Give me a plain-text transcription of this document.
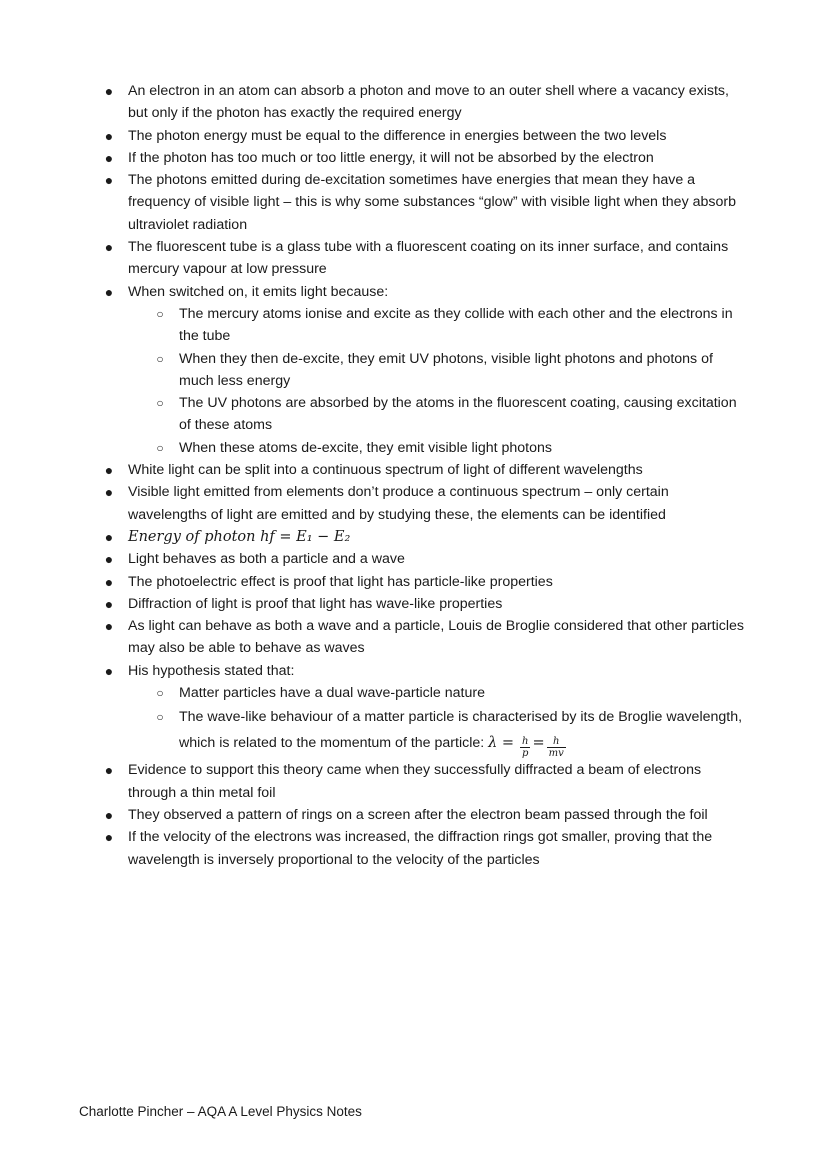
● An electron in an atom can absorb a photon and move to an outer shell where a vacancy exists, but only if the photon has exactly the required energy
● The photon energy must be equal to the difference in energies between the two levels
● If the photon has too much or too little energy, it will not be absorbed by the electron
● The photons emitted during de-excitation sometimes have energies that mean they have a frequency of visible light – this is why some substances “glow” with visible light when they absorb ultraviolet radiation
● The fluorescent tube is a glass tube with a fluorescent coating on its inner surface, and contains mercury vapour at low pressure
● When switched on, it emits light because:
○ The mercury atoms ionise and excite as they collide with each other and the electrons in the tube
○ When they then de-excite, they emit UV photons, visible light photons and photons of much less energy
○ The UV photons are absorbed by the atoms in the fluorescent coating, causing excitation of these atoms
○ When these atoms de-excite, they emit visible light photons
● White light can be split into a continuous spectrum of light of different wavelengths
● Visible light emitted from elements don’t produce a continuous spectrum – only certain wavelengths of light are emitted and by studying these, the elements can be identified
● Energy of photon hf = E₁ − E₂
● Light behaves as both a particle and a wave
● The photoelectric effect is proof that light has particle-like properties
● Diffraction of light is proof that light has wave-like properties
● As light can behave as both a wave and a particle, Louis de Broglie considered that other particles may also be able to behave as waves
● His hypothesis stated that:
○ Matter particles have a dual wave-particle nature
○ The wave-like behaviour of a matter particle is characterised by its de Broglie wavelength, which is related to the momentum of the particle: $\lambda = \frac{h}{p} = \frac{h}{mv}$
● Evidence to support this theory came when they successfully diffracted a beam of electrons through a thin metal foil
● They observed a pattern of rings on a screen after the electron beam passed through the foil
● If the velocity of the electrons was increased, the diffraction rings got smaller, proving that the wavelength is inversely proportional to the velocity of the particles
Charlotte Pincher – AQA A Level Physics Notes
